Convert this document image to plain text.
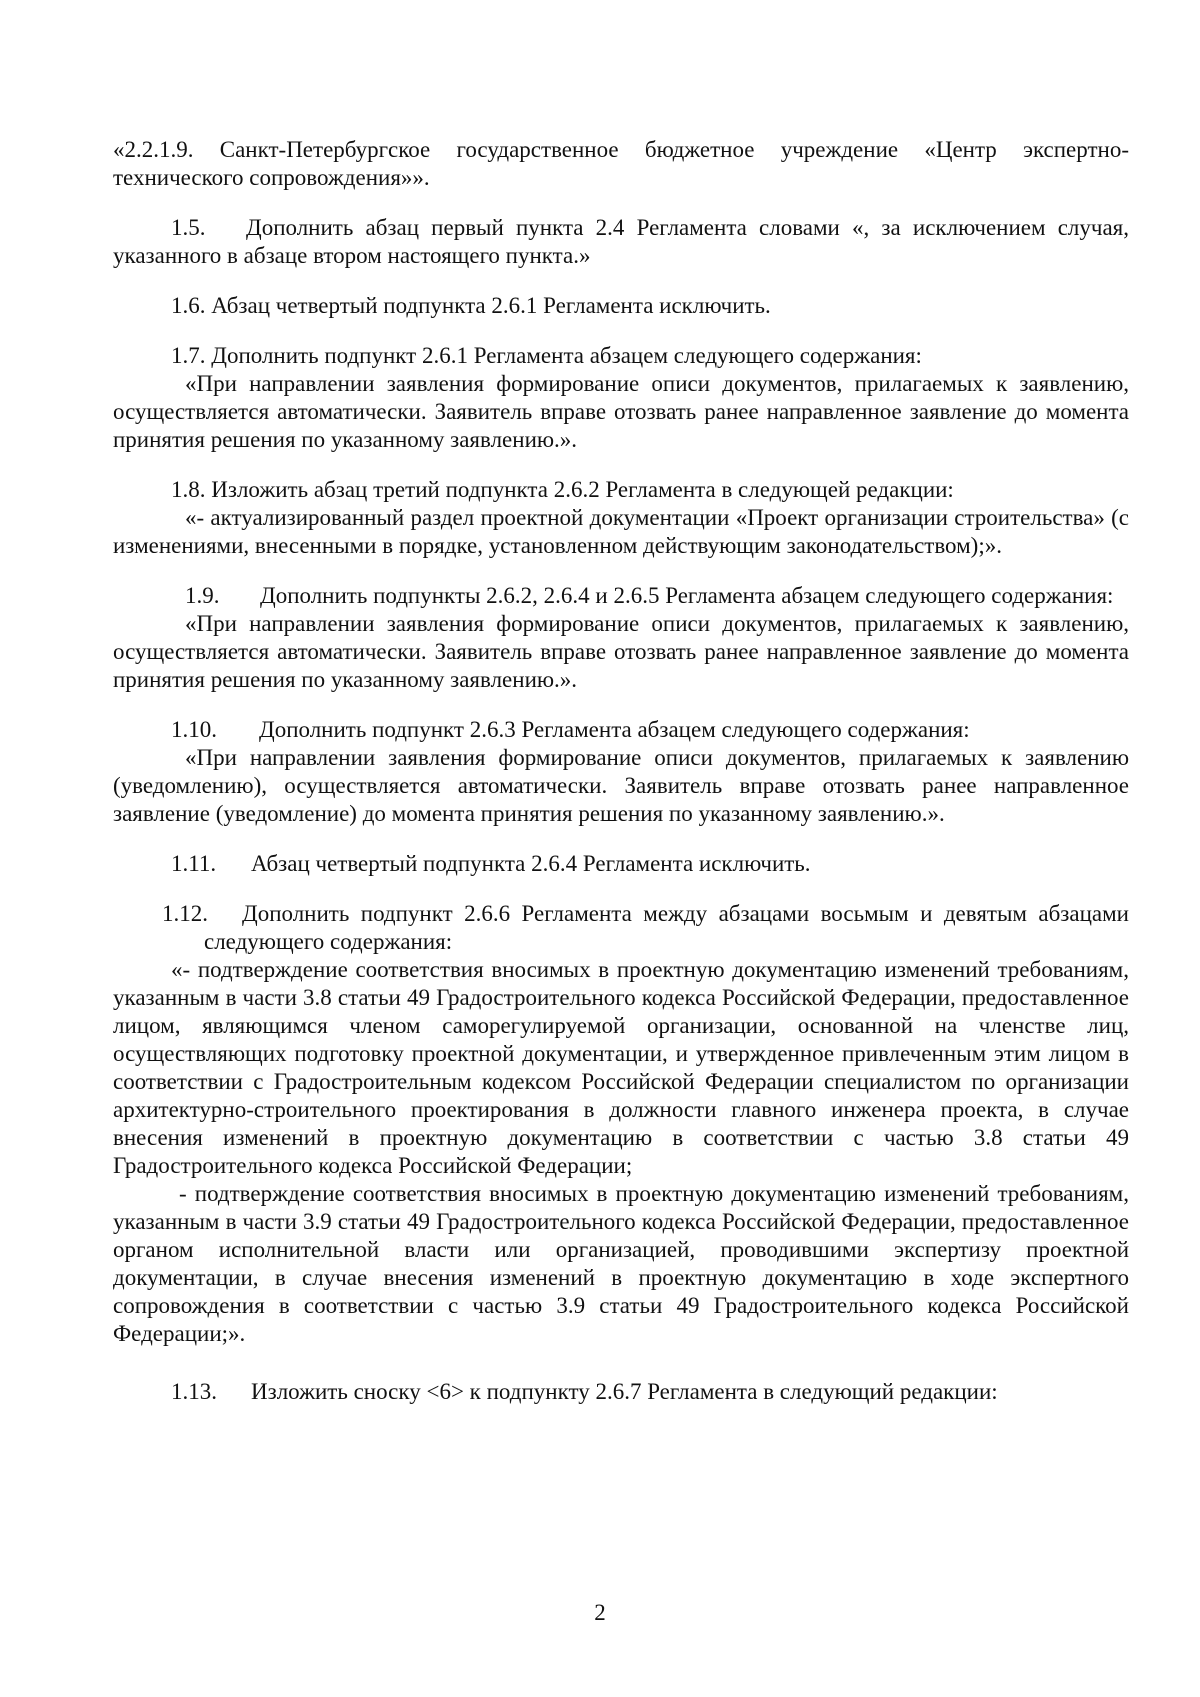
«2.2.1.9. Санкт-Петербургское государственное бюджетное учреждение «Центр экспертно-технического сопровождения»».

1.5. Дополнить абзац первый пункта 2.4 Регламента словами «, за исключением случая, указанного в абзаце втором настоящего пункта.»

1.6. Абзац четвертый подпункта 2.6.1 Регламента исключить.

1.7. Дополнить подпункт 2.6.1 Регламента абзацем следующего содержания:

«При направлении заявления формирование описи документов, прилагаемых к заявлению, осуществляется автоматически. Заявитель вправе отозвать ранее направленное заявление до момента принятия решения по указанному заявлению.».

1.8. Изложить абзац третий подпункта 2.6.2 Регламента в следующей редакции:

«- актуализированный раздел проектной документации «Проект организации строительства» (с изменениями, внесенными в порядке, установленном действующим законодательством);».

1.9. Дополнить подпункты 2.6.2, 2.6.4 и 2.6.5 Регламента абзацем следующего содержания:

«При направлении заявления формирование описи документов, прилагаемых к заявлению, осуществляется автоматически. Заявитель вправе отозвать ранее направленное заявление до момента принятия решения по указанному заявлению.».

1.10. Дополнить подпункт 2.6.3 Регламента абзацем следующего содержания:

«При направлении заявления формирование описи документов, прилагаемых к заявлению (уведомлению), осуществляется автоматически. Заявитель вправе отозвать ранее направленное заявление (уведомление) до момента принятия решения по указанному заявлению.».

1.11. Абзац четвертый подпункта 2.6.4 Регламента исключить.

1.12. Дополнить подпункт 2.6.6 Регламента между абзацами восьмым и девятым абзацами следующего содержания:

«- подтверждение соответствия вносимых в проектную документацию изменений требованиям, указанным в части 3.8 статьи 49 Градостроительного кодекса Российской Федерации, предоставленное лицом, являющимся членом саморегулируемой организации, основанной на членстве лиц, осуществляющих подготовку проектной документации, и утвержденное привлеченным этим лицом в соответствии с Градостроительным кодексом Российской Федерации специалистом по организации архитектурно-строительного проектирования в должности главного инженера проекта, в случае внесения изменений в проектную документацию в соответствии с частью 3.8 статьи 49 Градостроительного кодекса Российской Федерации;

- подтверждение соответствия вносимых в проектную документацию изменений требованиям, указанным в части 3.9 статьи 49 Градостроительного кодекса Российской Федерации, предоставленное органом исполнительной власти или организацией, проводившими экспертизу проектной документации, в случае внесения изменений в проектную документацию в ходе экспертного сопровождения в соответствии с частью 3.9 статьи 49 Градостроительного кодекса Российской Федерации;».

1.13. Изложить сноску <6> к подпункту 2.6.7 Регламента в следующий редакции:

2
